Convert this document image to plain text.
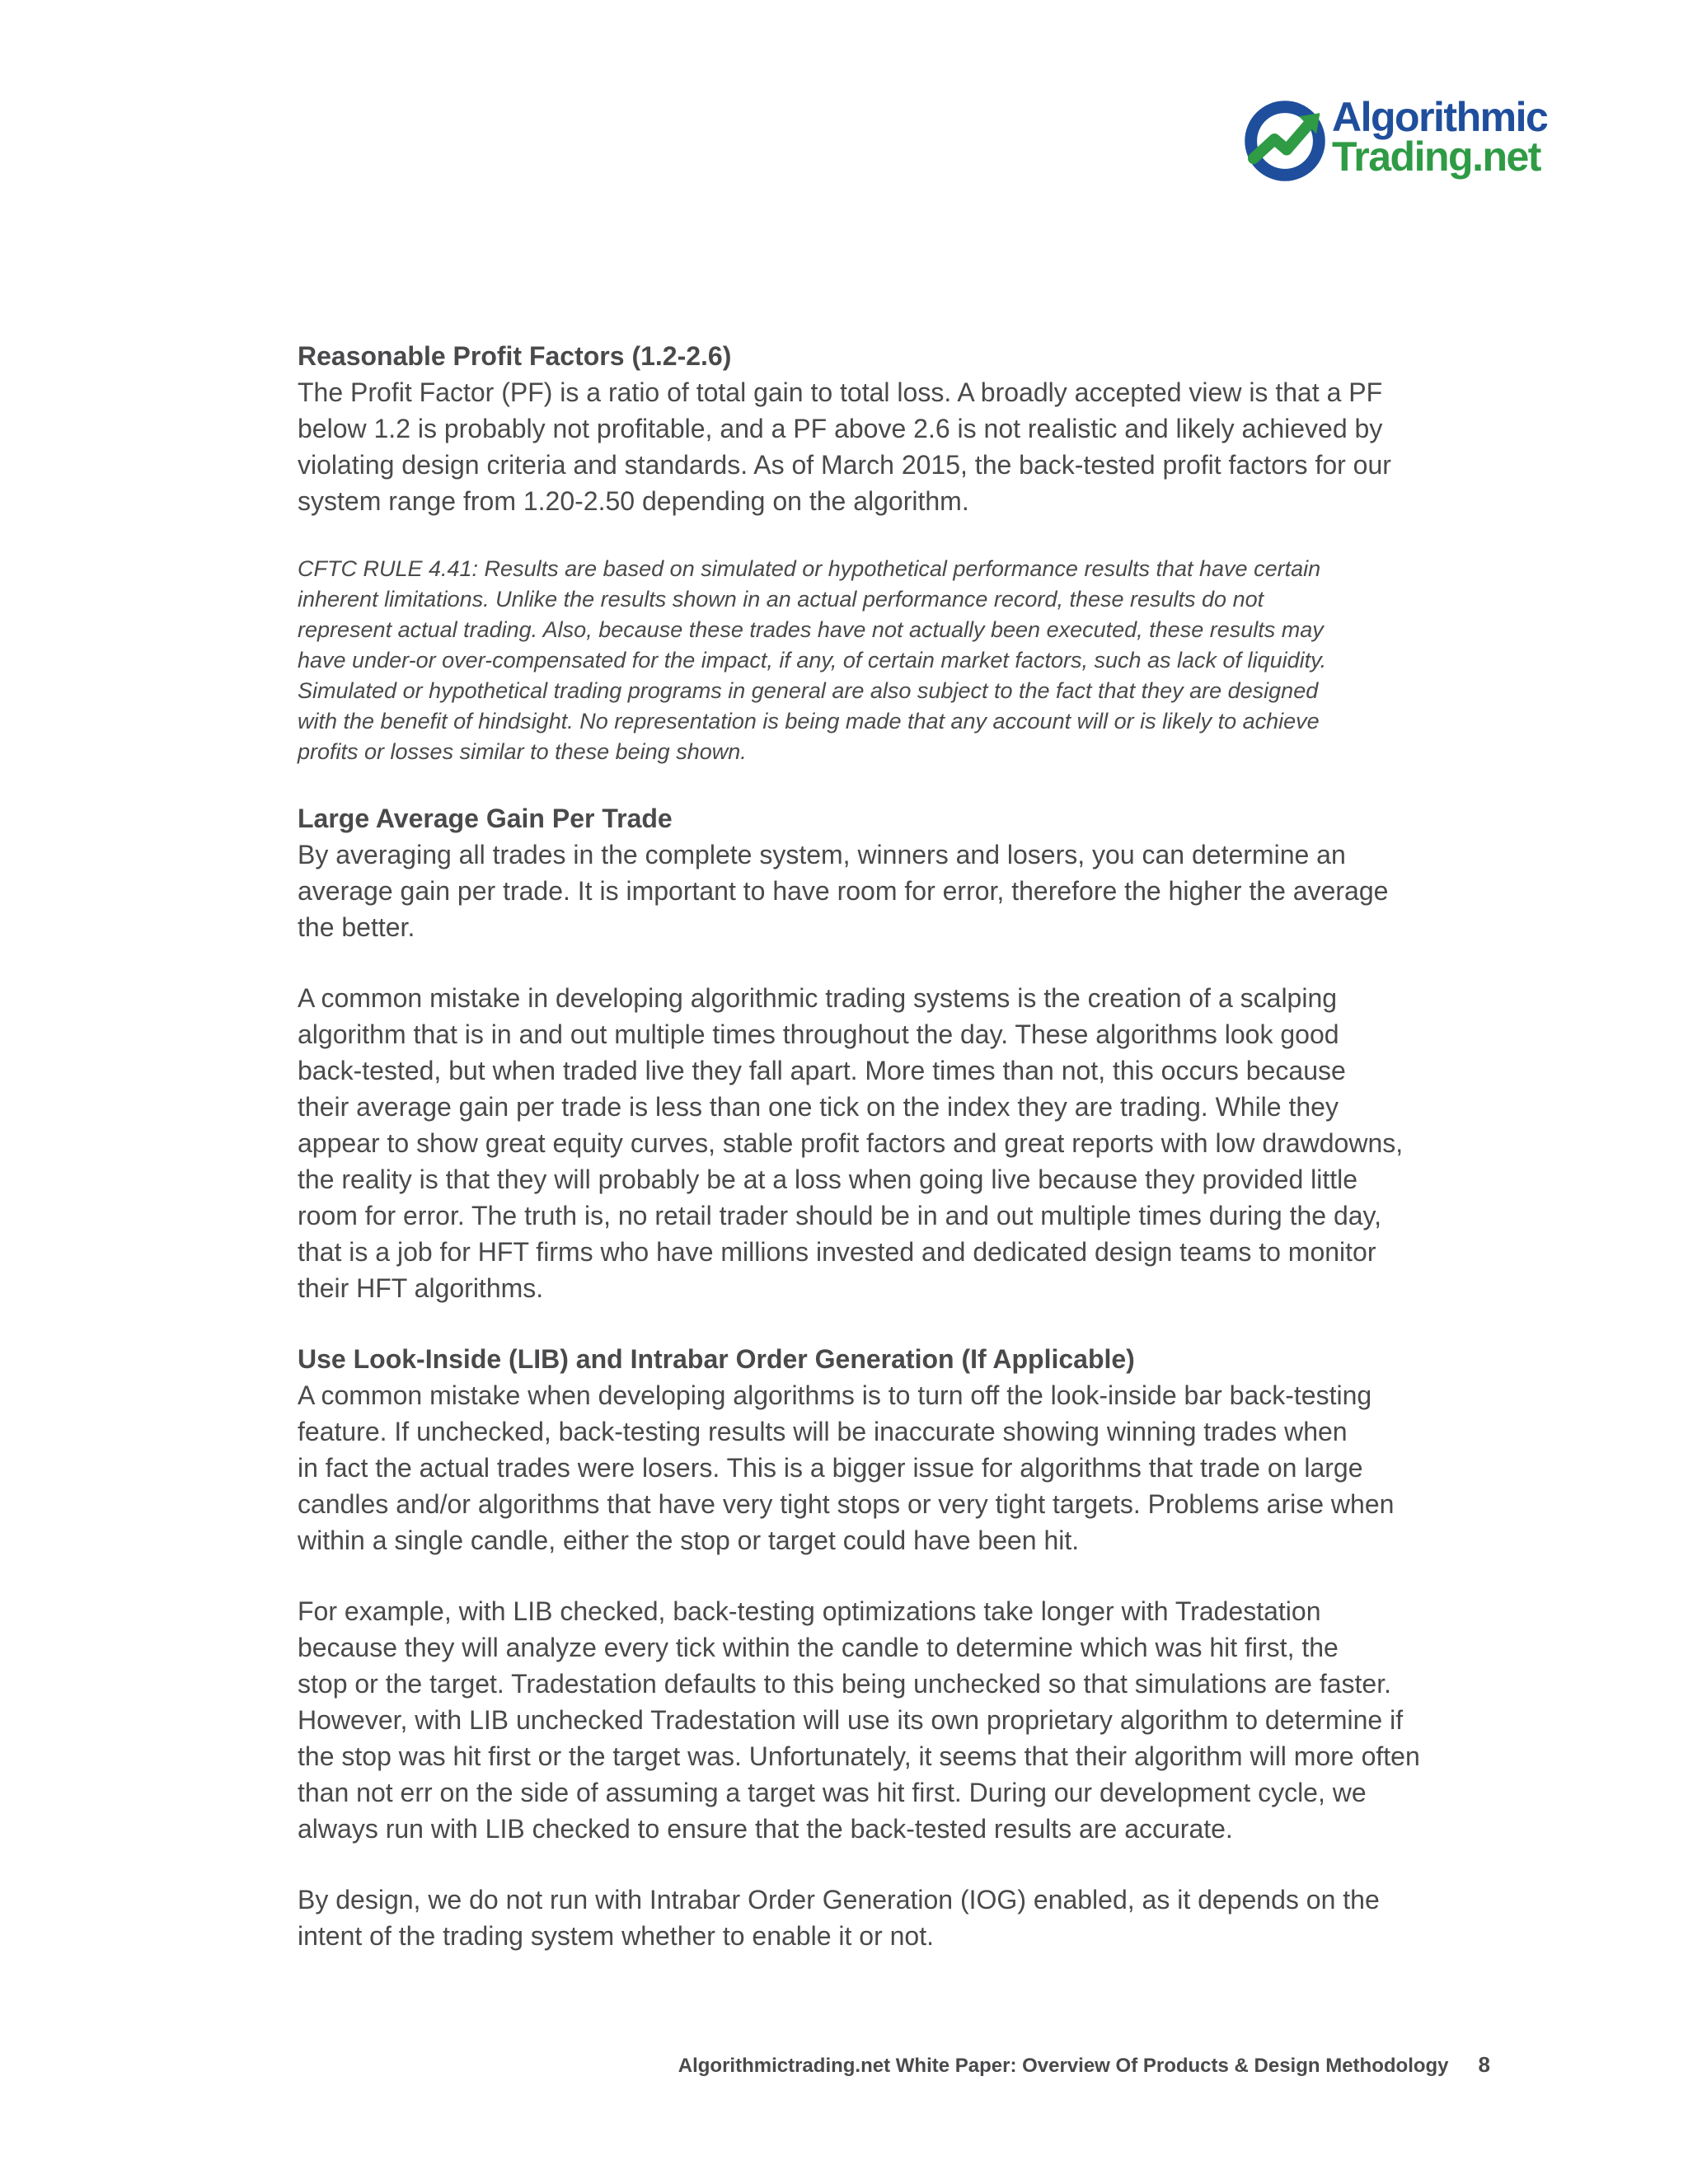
Algorithmic
Trading.net
Reasonable Profit Factors (1.2-2.6)

The Profit Factor (PF) is a ratio of total gain to total loss. A broadly accepted view is that a PF
below 1.2 is probably not profitable, and a PF above 2.6 is not realistic and likely achieved by
violating design criteria and standards. As of March 2015, the back-tested profit factors for our
system range from 1.20-2.50 depending on the algorithm.

CFTC RULE 4.41: Results are based on simulated or hypothetical performance results that have certain
inherent limitations. Unlike the results shown in an actual performance record, these results do not
represent actual trading. Also, because these trades have not actually been executed, these results may
have under-or over-compensated for the impact, if any, of certain market factors, such as lack of liquidity.
Simulated or hypothetical trading programs in general are also subject to the fact that they are designed
with the benefit of hindsight. No representation is being made that any account will or is likely to achieve
profits or losses similar to these being shown.

Large Average Gain Per Trade

By averaging all trades in the complete system, winners and losers, you can determine an
average gain per trade. It is important to have room for error, therefore the higher the average
the better.

A common mistake in developing algorithmic trading systems is the creation of a scalping
algorithm that is in and out multiple times throughout the day. These algorithms look good
back-tested, but when traded live they fall apart. More times than not, this occurs because
their average gain per trade is less than one tick on the index they are trading. While they
appear to show great equity curves, stable profit factors and great reports with low drawdowns,
the reality is that they will probably be at a loss when going live because they provided little
room for error. The truth is, no retail trader should be in and out multiple times during the day,
that is a job for HFT firms who have millions invested and dedicated design teams to monitor
their HFT algorithms.

Use Look-Inside (LIB) and Intrabar Order Generation (If Applicable)

A common mistake when developing algorithms is to turn off the look-inside bar back-testing
feature. If unchecked, back-testing results will be inaccurate showing winning trades when
in fact the actual trades were losers. This is a bigger issue for algorithms that trade on large
candles and/or algorithms that have very tight stops or very tight targets. Problems arise when
within a single candle, either the stop or target could have been hit.

For example, with LIB checked, back-testing optimizations take longer with Tradestation
because they will analyze every tick within the candle to determine which was hit first, the
stop or the target. Tradestation defaults to this being unchecked so that simulations are faster.
However, with LIB unchecked Tradestation will use its own proprietary algorithm to determine if
the stop was hit first or the target was. Unfortunately, it seems that their algorithm will more often
than not err on the side of assuming a target was hit first. During our development cycle, we
always run with LIB checked to ensure that the back-tested results are accurate.

By design, we do not run with Intrabar Order Generation (IOG) enabled, as it depends on the
intent of the trading system whether to enable it or not.

Algorithmictrading.net White Paper: Overview Of Products & Design Methodology 8
